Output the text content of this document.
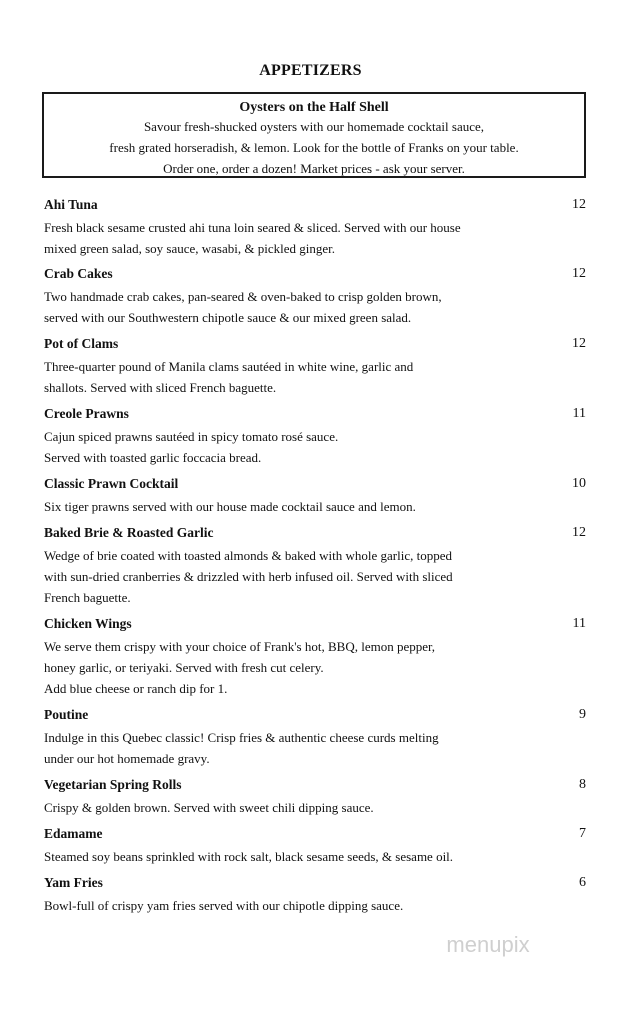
APPETIZERS
Oysters on the Half Shell
Savour fresh-shucked oysters with our homemade cocktail sauce,
fresh grated horseradish, & lemon. Look for the bottle of Franks on your table.
Order one, order a dozen! Market prices - ask your server.
Ahi Tuna	12
Fresh black sesame crusted ahi tuna loin seared & sliced. Served with our house
mixed green salad, soy sauce, wasabi, & pickled ginger.
Crab Cakes	12
Two handmade crab cakes, pan-seared & oven-baked to crisp golden brown,
served with our Southwestern chipotle sauce & our mixed green salad.
Pot of Clams	12
Three-quarter pound of Manila clams sautéed in white wine, garlic and
shallots. Served with sliced French baguette.
Creole Prawns	11
Cajun spiced prawns sautéed in spicy tomato rosé sauce.
Served with toasted garlic foccacia bread.
Classic Prawn Cocktail	10
Six tiger prawns served with our house made cocktail sauce and lemon.
Baked Brie & Roasted Garlic	12
Wedge of brie coated with toasted almonds & baked with whole garlic, topped
with sun-dried cranberries & drizzled with herb infused oil. Served with sliced
French baguette.
Chicken Wings	11
We serve them crispy with your choice of Frank's hot, BBQ, lemon pepper,
honey garlic, or teriyaki. Served with fresh cut celery.
Add blue cheese or ranch dip for 1.
Poutine	9
Indulge in this Quebec classic! Crisp fries & authentic cheese curds melting
under our hot homemade gravy.
Vegetarian Spring Rolls	8
Crispy & golden brown. Served with sweet chili dipping sauce.
Edamame	7
Steamed soy beans sprinkled with rock salt, black sesame seeds, & sesame oil.
Yam Fries	6
Bowl-full of crispy yam fries served with our chipotle dipping sauce.
menupix
